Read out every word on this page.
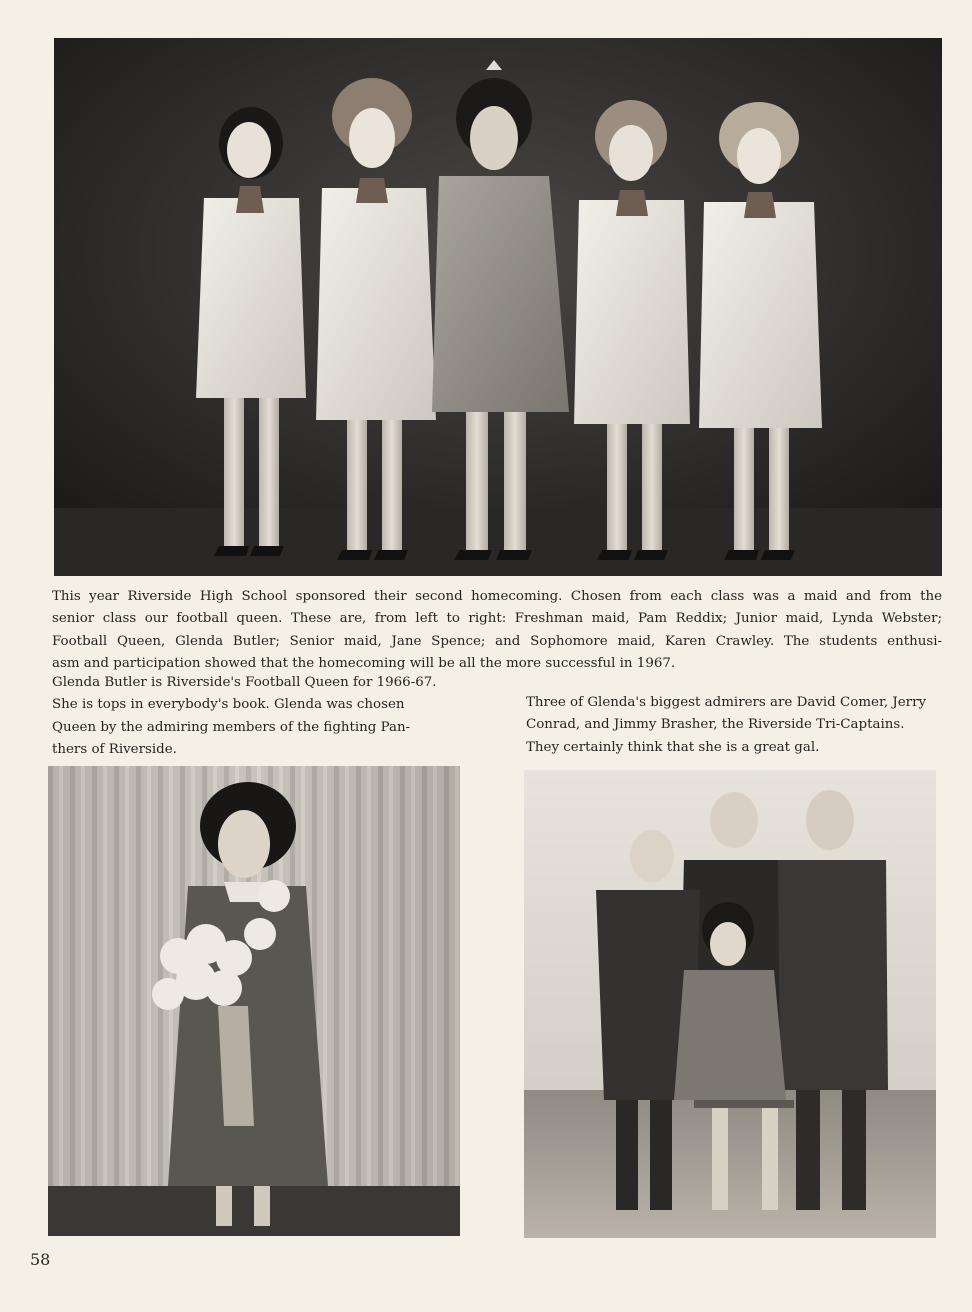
This year Riverside High School sponsored their second homecoming. Chosen from each class was a maid and from the
senior class our football queen. These are, from left to right: Freshman maid, Pam Reddix; Junior maid, Lynda Webster;
Football Queen, Glenda Butler; Senior maid, Jane Spence; and Sophomore maid, Karen Crawley. The students enthusi-
asm and participation showed that the homecoming will be all the more successful in 1967.
Glenda Butler is Riverside's Football Queen for 1966-67.
She is tops in everybody's book. Glenda was chosen
Queen by the admiring members of the fighting Pan-
thers of Riverside.
Three of Glenda's biggest admirers are David Comer, Jerry
Conrad, and Jimmy Brasher, the Riverside Tri-Captains.
They certainly think that she is a great gal.
58
